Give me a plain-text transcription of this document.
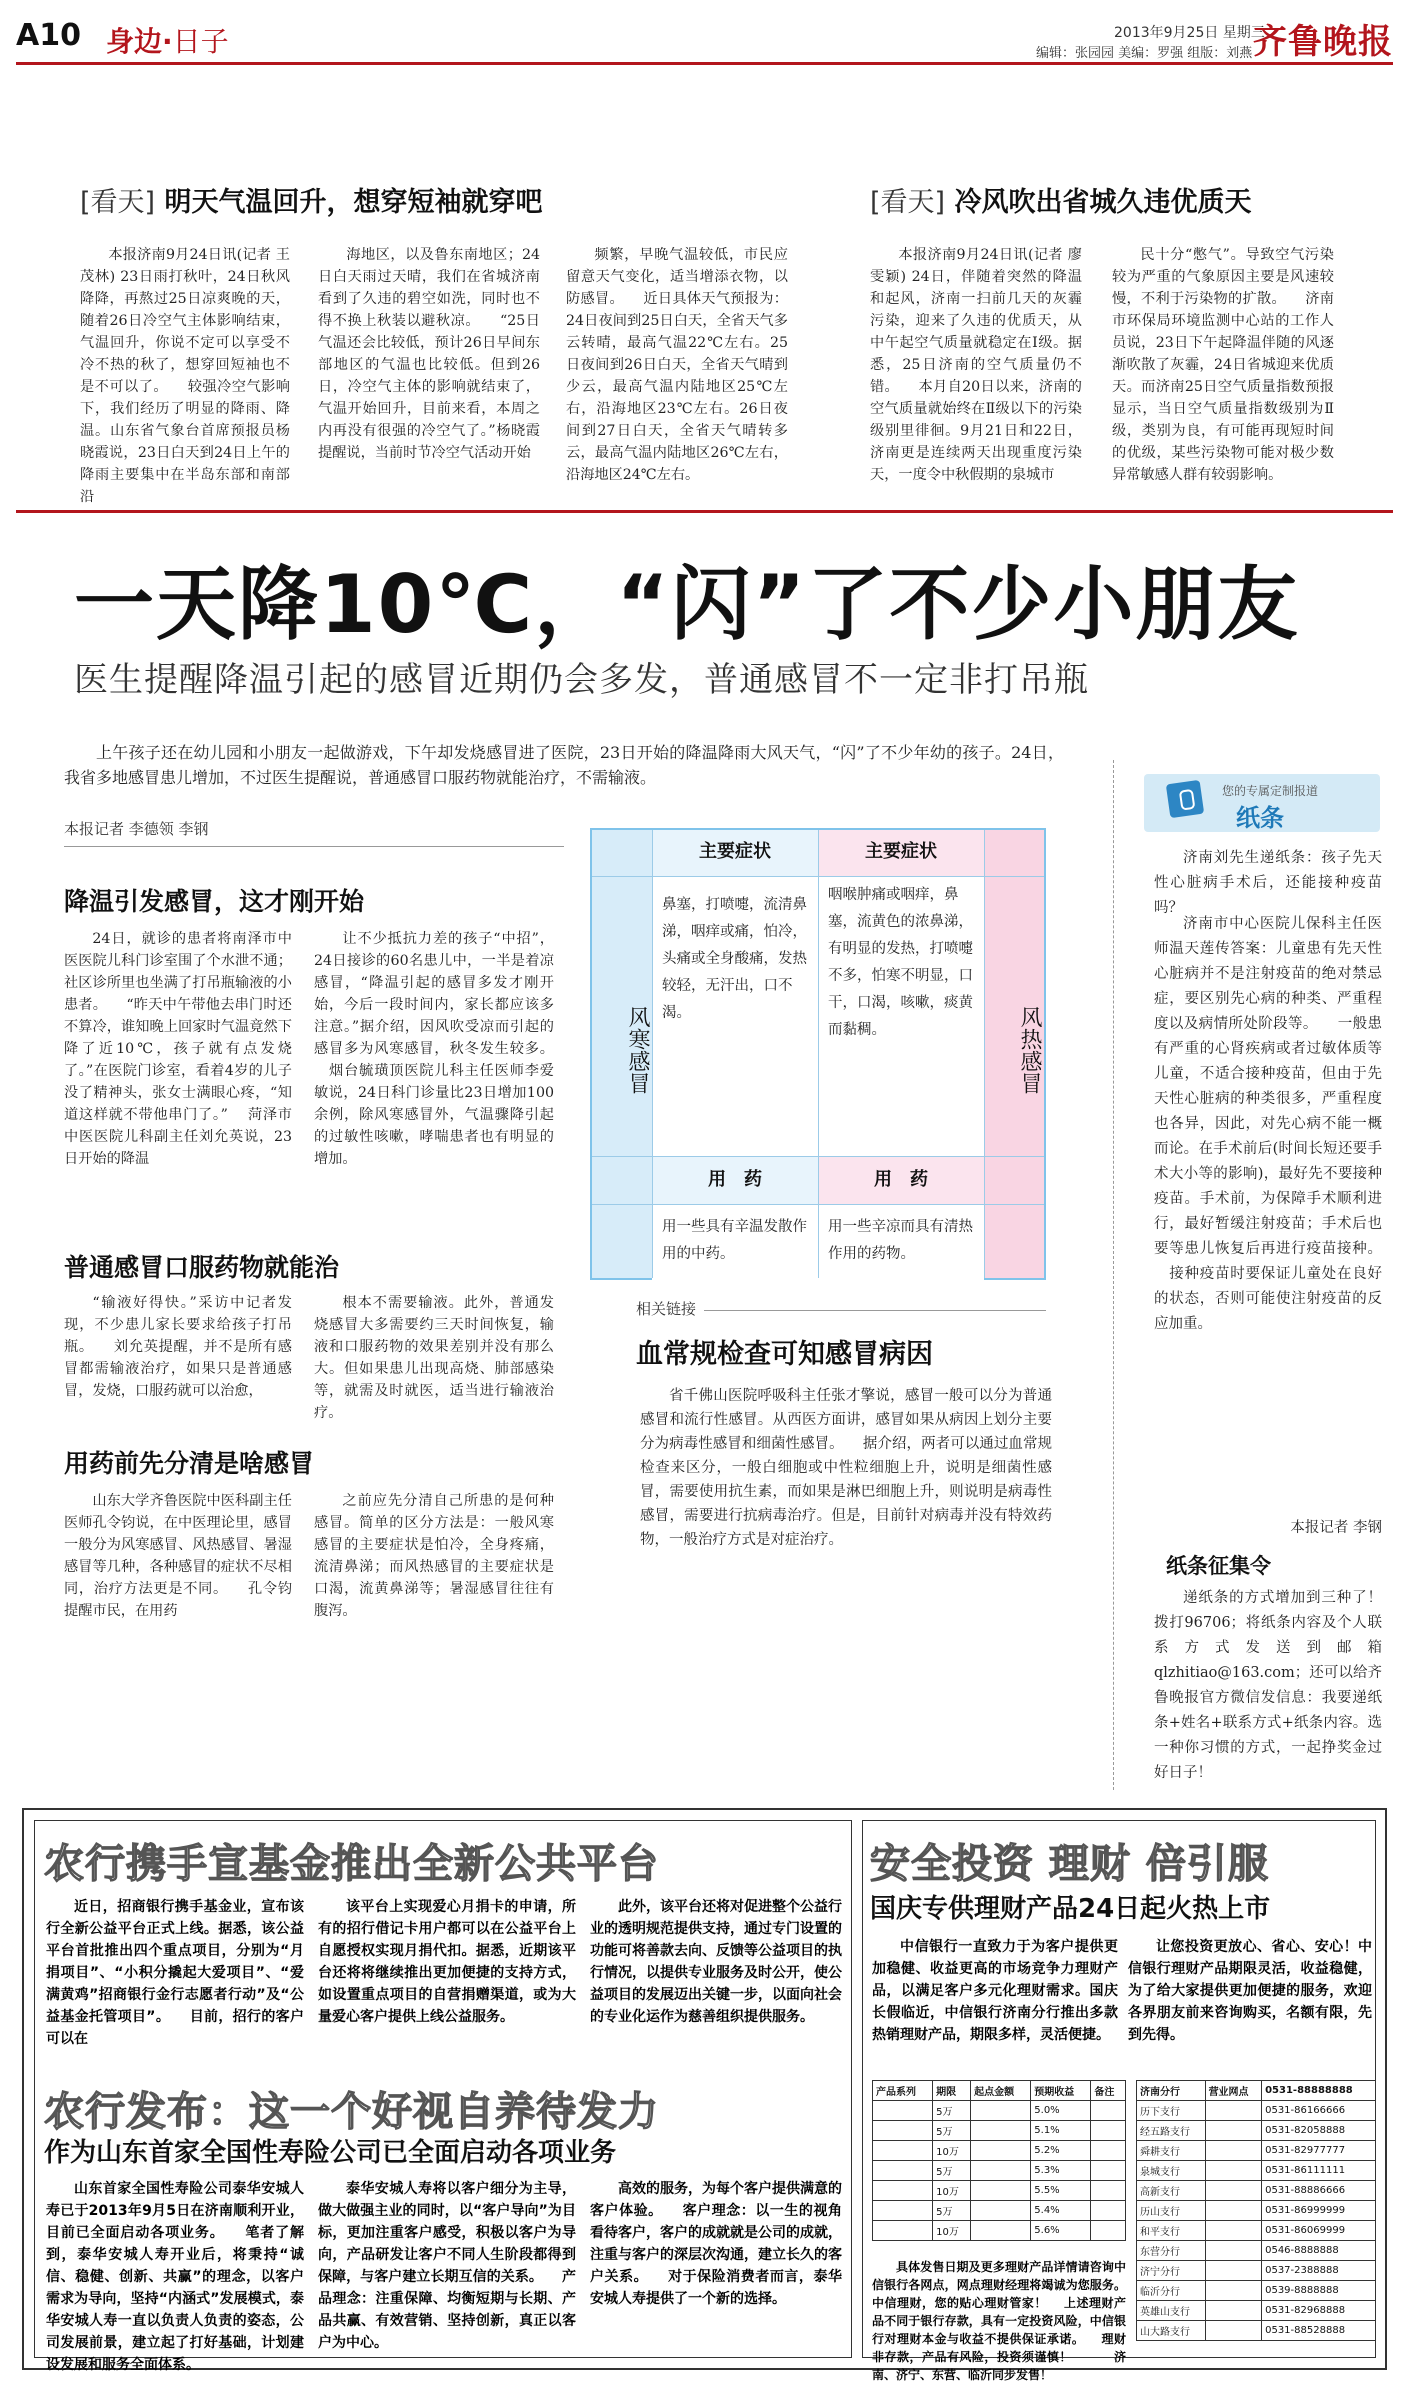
A10 身边·日子	2013年9月25日 星期三
编辑：张园园 美编：罗强 组版：刘燕 齐鲁晚报
[看天] 明天气温回升，想穿短袖就穿吧

本报济南9月24日讯(记者 王茂林) 23日雨打秋叶，24日秋风降降，再熬过25日凉爽晚的天，随着26日冷空气主体影响结束，气温回升，你说不定可以享受不冷不热的秋了，想穿回短袖也不是不可以了。 　较强冷空气影响下，我们经历了明显的降雨、降温。山东省气象台首席预报员杨晓霞说，23日白天到24日上午的降雨主要集中在半岛东部和南部沿

海地区，以及鲁东南地区；24日白天雨过天晴，我们在省城济南看到了久违的碧空如洗，同时也不得不换上秋装以避秋凉。 　“25日气温还会比较低，预计26日早间东部地区的气温也比较低。但到26日，冷空气主体的影响就结束了，气温开始回升，目前来看，本周之内再没有很强的冷空气了。”杨晓霞提醒说，当前时节冷空气活动开始

频繁，早晚气温较低，市民应留意天气变化，适当增添衣物，以防感冒。 　近日具体天气预报为：24日夜间到25日白天，全省天气多云转晴，最高气温22℃左右。25日夜间到26日白天，全省天气晴到少云，最高气温内陆地区25℃左右，沿海地区23℃左右。26日夜间到27日白天，全省天气晴转多云，最高气温内陆地区26℃左右，沿海地区24℃左右。

[看天] 冷风吹出省城久违优质天

本报济南9月24日讯(记者 廖雯颖) 24日，伴随着突然的降温和起风，济南一扫前几天的灰霾污染，迎来了久违的优质天，从中午起空气质量就稳定在Ⅰ级。据悉，25日济南的空气质量仍不错。 　本月自20日以来，济南的空气质量就始终在Ⅱ级以下的污染级别里徘徊。9月21日和22日，济南更是连续两天出现重度污染天，一度令中秋假期的泉城市

民十分“憋气”。导致空气污染较为严重的气象原因主要是风速较慢，不利于污染物的扩散。 　济南市环保局环境监测中心站的工作人员说，23日下午起降温伴随的风逐渐吹散了灰霾，24日省城迎来优质天。而济南25日空气质量指数预报显示，当日空气质量指数级别为Ⅱ级，类别为良，有可能再现短时间的优级，某些污染物可能对极少数异常敏感人群有较弱影响。

一天降10℃，“闪”了不少小朋友
医生提醒降温引起的感冒近期仍会多发，普通感冒不一定非打吊瓶
上午孩子还在幼儿园和小朋友一起做游戏，下午却发烧感冒进了医院，23日开始的降温降雨大风天气，“闪”了不少年幼的孩子。24日，我省多地感冒患儿增加，不过医生提醒说，普通感冒口服药物就能治疗，不需输液。
本报记者 李德领 李钢
降温引发感冒，这才刚开始

24日，就诊的患者将南泽市中医医院儿科门诊室围了个水泄不通；社区诊所里也坐满了打吊瓶输液的小患者。 　“昨天中午带他去串门时还不算冷，谁知晚上回家时气温竟然下降了近10℃，孩子就有点发烧了。”在医院门诊室，看着4岁的儿子没了精神头，张女士满眼心疼，“知道这样就不带他串门了。” 　菏泽市中医医院儿科副主任刘允英说，23日开始的降温

让不少抵抗力差的孩子“中招”，24日接诊的60名患儿中，一半是着凉感冒，“降温引起的感冒多发才刚开始，今后一段时间内，家长都应该多注意。”据介绍，因风吹受凉而引起的感冒多为风寒感冒，秋冬发生较多。 　烟台毓璜顶医院儿科主任医师李爱敏说，24日科门诊量比23日增加100余例，除风寒感冒外，气温骤降引起的过敏性咳嗽，哮喘患者也有明显的增加。

普通感冒口服药物就能治

“输液好得快。”采访中记者发现，不少患儿家长要求给孩子打吊瓶。 　刘允英提醒，并不是所有感冒都需输液治疗，如果只是普通感冒，发烧，口服药就可以治愈，

根本不需要输液。此外，普通发烧感冒大多需要约三天时间恢复，输液和口服药物的效果差别并没有那么大。但如果患儿出现高烧、肺部感染等，就需及时就医，适当进行输液治疗。

用药前先分清是啥感冒

山东大学齐鲁医院中医科副主任医师孔令钧说，在中医理论里，感冒一般分为风寒感冒、风热感冒、暑湿感冒等几种，各种感冒的症状不尽相同，治疗方法更是不同。 　孔令钧提醒市民，在用药

之前应先分清自己所患的是何种感冒。简单的区分方法是：一般风寒感冒的主要症状是怕冷，全身疼痛，流清鼻涕；而风热感冒的主要症状是口渴，流黄鼻涕等；暑湿感冒往往有腹泻。

风寒感冒	风热感冒
主要症状	主要症状
鼻塞，打喷嚏，流清鼻涕，咽痒或痛，怕冷，头痛或全身酸痛，发热较轻，无汗出，口不渴。
咽喉肿痛或咽痒，鼻塞，流黄色的浓鼻涕，有明显的发热，打喷嚏不多，怕寒不明显，口干，口渴，咳嗽，痰黄而黏稠。
用　药	用　药
用一些具有辛温发散作用的中药。
用一些辛凉而具有清热作用的药物。
相关链接
血常规检查可知感冒病因

省千佛山医院呼吸科主任张才擎说，感冒一般可以分为普通感冒和流行性感冒。从西医方面讲，感冒如果从病因上划分主要分为病毒性感冒和细菌性感冒。 　据介绍，两者可以通过血常规检查来区分，一般白细胞或中性粒细胞上升，说明是细菌性感冒，需要使用抗生素，而如果是淋巴细胞上升，则说明是病毒性感冒，需要进行抗病毒治疗。但是，目前针对病毒并没有特效药物，一般治疗方式是对症治疗。

您的专属定制报道
纸条

济南刘先生递纸条：孩子先天性心脏病手术后，还能接种疫苗吗？

济南市中心医院儿保科主任医师温天莲传答案：儿童患有先天性心脏病并不是注射疫苗的绝对禁忌症，要区别先心病的种类、严重程度以及病情所处阶段等。 　一般患有严重的心肾疾病或者过敏体质等儿童，不适合接种疫苗，但由于先天性心脏病的种类很多，严重程度也各异，因此，对先心病不能一概而论。在手术前后(时间长短还要手术大小等的影响)，最好先不要接种疫苗。手术前，为保障手术顺利进行，最好暂缓注射疫苗；手术后也要等患儿恢复后再进行疫苗接种。 　接种疫苗时要保证儿童处在良好的状态，否则可能使注射疫苗的反应加重。

本报记者 李钢
纸条征集令

递纸条的方式增加到三种了！拨打96706；将纸条内容及个人联系方式发送到邮箱qlzhitiao@163.com；还可以给齐鲁晚报官方微信发信息：我要递纸条+姓名+联系方式+纸条内容。选一种你习惯的方式，一起挣奖金过好日子！

农行携手宣基金推出全新公共平台

近日，招商银行携手基金业，宣布该行全新公益平台正式上线。据悉，该公益平台首批推出四个重点项目，分别为“月捐项目”、“小积分撬起大爱项目”、“爱满黄鸡”招商银行金行志愿者行动”及“公益基金托管项目”。 　目前，招行的客户可以在

该平台上实现爱心月捐卡的申请，所有的招行借记卡用户都可以在公益平台上自愿授权实现月捐代扣。据悉，近期该平台还将将继续推出更加便捷的支持方式，如设置重点项目的自营捐赠渠道，或为大量爱心客户提供上线公益服务。

此外，该平台还将对促进整个公益行业的透明规范提供支持，通过专门设置的功能可将善款去向、反馈等公益项目的执行情况，以提供专业服务及时公开，使公益项目的发展迈出关键一步，以面向社会的专业化运作为慈善组织提供服务。

农行发布：这一个好视自养待发力
作为山东首家全国性寿险公司已全面启动各项业务

山东首家全国性寿险公司泰华安城人寿已于2013年9月5日在济南顺利开业，目前已全面启动各项业务。 　笔者了解到，泰华安城人寿开业后，将秉持“诚信、稳健、创新、共赢”的理念，以客户需求为导向，坚持“内涵式”发展模式，泰华安城人寿一直以负责人负责的姿态，公司发展前景，建立起了打好基础，计划建设发展和服务全面体系。

泰华安城人寿将以客户细分为主导，做大做强主业的同时，以“客户导向”为目标，更加注重客户感受，积极以客户为导向，产品研发让客户不同人生阶段都得到保障，与客户建立长期互信的关系。 　产品理念：注重保障、均衡短期与长期、产品共赢、有效营销、坚持创新，真正以客户为中心。

高效的服务，为每个客户提供满意的客户体验。 　客户理念：以一生的视角看待客户，客户的成就就是公司的成就，注重与客户的深层次沟通，建立长久的客户关系。 　对于保险消费者而言，泰华安城人寿提供了一个新的选择。

安全投资 理财 倍引服
国庆专供理财产品24日起火热上市

中信银行一直致力于为客户提供更加稳健、收益更高的市场竞争力理财产品，以满足客户多元化理财需求。国庆长假临近，中信银行济南分行推出多款热销理财产品，期限多样，灵活便捷。

让您投资更放心、省心、安心！中信银行理财产品期限灵活，收益稳健，为了给大家提供更加便捷的服务，欢迎各界朋友前来咨询购买，名额有限，先到先得。

产品系列	期限	起点金额	预期收益	备注
	5万		5.0%	
	5万		5.1%	
	10万		5.2%	
	5万		5.3%	
	10万		5.5%	
	5万		5.4%	
	10万		5.6%	
济南分行	营业网点	0531-88888888
历下支行		0531-86166666
经五路支行		0531-82058888
舜耕支行		0531-82977777
泉城支行		0531-86111111
高新支行		0531-88886666
历山支行		0531-86999999
和平支行		0531-86069999
东营分行		0546-8888888
济宁分行		0537-2388888
临沂分行		0539-8888888
英雄山支行		0531-82968888
山大路支行		0531-88528888

具体发售日期及更多理财产品详情请咨询中信银行各网点，网点理财经理将竭诚为您服务。中信理财，您的贴心理财管家！ 　上述理财产品不同于银行存款，具有一定投资风险，中信银行对理财本金与收益不提供保证承诺。 　理财非存款，产品有风险，投资须谨慎！ 　　　济南、济宁、东营、临沂同步发售！
